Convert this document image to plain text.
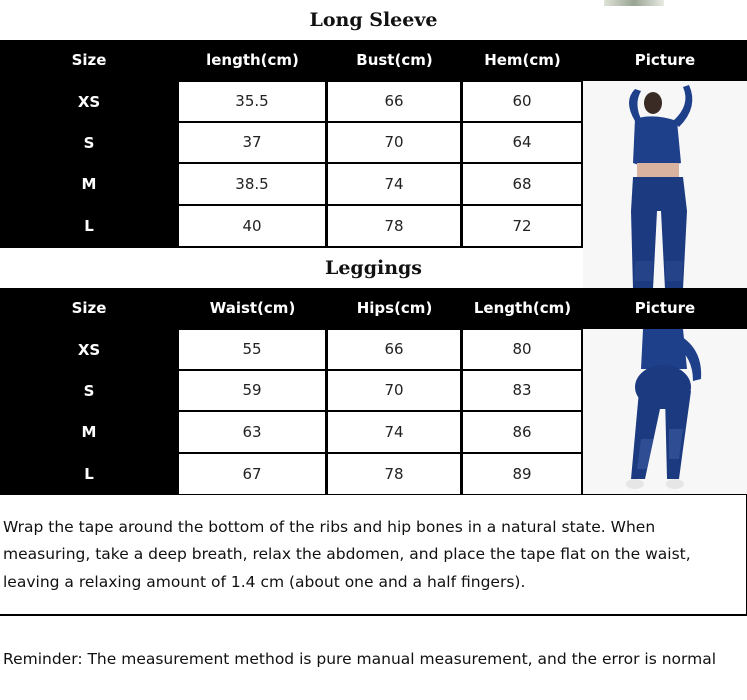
Long Sleeve
Size	length(cm)	Bust(cm)	Hem(cm)	Picture
XS	35.5	66	60
S	37	70	64
M	38.5	74	68
L	40	78	72
Leggings
Size	Waist(cm)	Hips(cm)	Length(cm)	Picture
XS	55	66	80
S	59	70	83
M	63	74	86
L	67	78	89
Wrap the tape around the bottom of the ribs and hip bones in a natural state. When
measuring, take a deep breath, relax the abdomen, and place the tape flat on the waist,
leaving a relaxing amount of 1.4 cm (about one and a half fingers).
Reminder: The measurement method is pure manual measurement, and the error is normal
